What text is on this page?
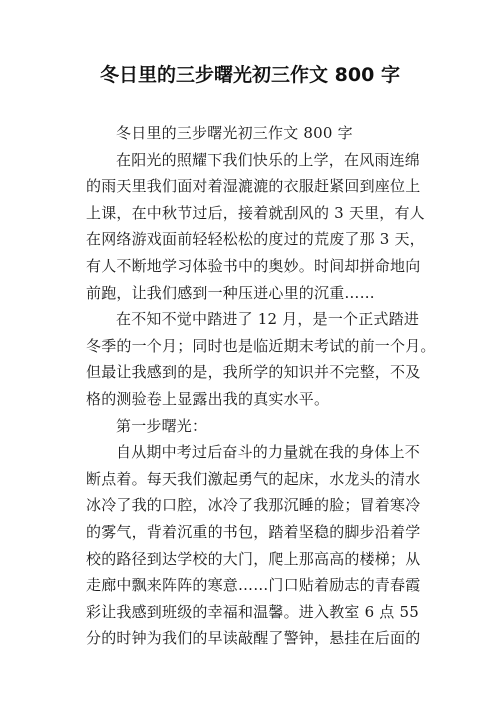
冬日里的三步曙光初三作文 800 字

冬日里的三步曙光初三作文 800 字

在阳光的照耀下我们快乐的上学，在风雨连绵
的雨天里我们面对着湿漉漉的衣服赶紧回到座位上
上课，在中秋节过后，接着就刮风的 3 天里，有人
在网络游戏面前轻轻松松的度过的荒废了那 3 天，
有人不断地学习体验书中的奥妙。时间却拼命地向
前跑，让我们感到一种压迸心里的沉重……

在不知不觉中踏进了 12 月，是一个正式踏进
冬季的一个月；同时也是临近期末考试的前一个月。
但最让我感到的是，我所学的知识并不完整，不及
格的测验卷上显露出我的真实水平。

第一步曙光：

自从期中考过后奋斗的力量就在我的身体上不
断点着。每天我们激起勇气的起床，水龙头的清水
冰冷了我的口腔，冰冷了我那沉睡的脸；冒着寒冷
的雾气，背着沉重的书包，踏着坚稳的脚步沿着学
校的路径到达学校的大门，爬上那高高的楼梯；从
走廊中飘来阵阵的寒意……门口贴着励志的青春霞
彩让我感到班级的幸福和温馨。进入教室 6 点 55
分的时钟为我们的早读敲醒了警钟，悬挂在后面的
